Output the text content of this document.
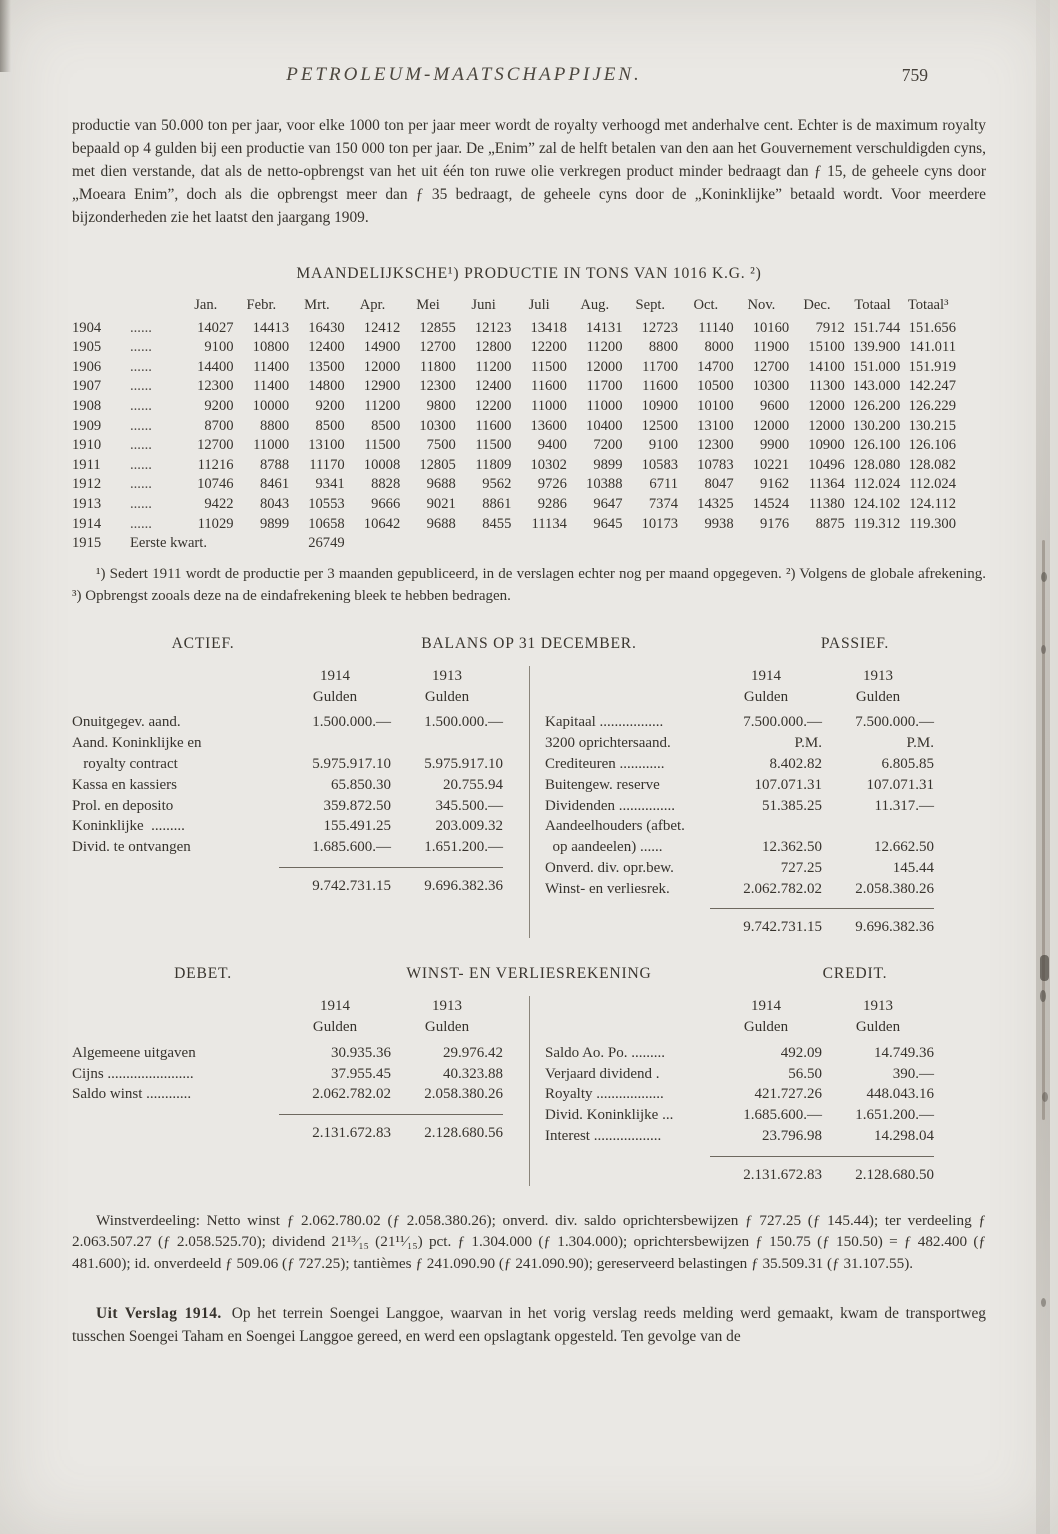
PETROLEUM-MAATSCHAPPIJEN.	759

productie van 50.000 ton per jaar, voor elke 1000 ton per jaar meer wordt de royalty verhoogd met anderhalve cent. Echter is de maximum royalty bepaald op 4 gulden bij een productie van 150 000 ton per jaar. De „Enim” zal de helft betalen van den aan het Gouvernement verschuldigden cyns, met dien verstande, dat als de netto-opbrengst van het uit één ton ruwe olie verkregen product minder bedraagt dan ƒ 15, de geheele cyns door „Moeara Enim”, doch als die opbrengst meer dan ƒ 35 bedraagt, de geheele cyns door de „Koninklijke” betaald wordt. Voor meerdere bijzonderheden zie het laatst den jaargang 1909.

MAANDELIJKSCHE¹) PRODUCTIE IN TONS VAN 1016 K.G. ²)
		Jan.	Febr.	Mrt.	Apr.	Mei	Juni	Juli	Aug.	Sept.	Oct.	Nov.	Dec.	Totaal	Totaal³
1904	......	14027	14413	16430	12412	12855	12123	13418	14131	12723	11140	10160	7912	151.744	151.656
1905	......	9100	10800	12400	14900	12700	12800	12200	11200	8800	8000	11900	15100	139.900	141.011
1906	......	14400	11400	13500	12000	11800	11200	11500	12000	11700	14700	12700	14100	151.000	151.919
1907	......	12300	11400	14800	12900	12300	12400	11600	11700	11600	10500	10300	11300	143.000	142.247
1908	......	9200	10000	9200	11200	9800	12200	11000	11000	10900	10100	9600	12000	126.200	126.229
1909	......	8700	8800	8500	8500	10300	11600	13600	10400	12500	13100	12000	12000	130.200	130.215
1910	......	12700	11000	13100	11500	7500	11500	9400	7200	9100	12300	9900	10900	126.100	126.106
1911	......	11216	8788	11170	10008	12805	11809	10302	9899	10583	10783	10221	10496	128.080	128.082
1912	......	10746	8461	9341	8828	9688	9562	9726	10388	6711	8047	9162	11364	112.024	112.024
1913	......	9422	8043	10553	9666	9021	8861	9286	9647	7374	14325	14524	11380	124.102	124.112
1914	......	11029	9899	10658	10642	9688	8455	11134	9645	10173	9938	9176	8875	119.312	119.300
1915	Eerste kwart.			26749											

¹) Sedert 1911 wordt de productie per 3 maanden gepubliceerd, in de verslagen echter nog per maand opgegeven. ²) Volgens de globale afrekening. ³) Opbrengst zooals deze na de eindafrekening bleek te hebben bedragen.

ACTIEF.	BALANS OP 31 DECEMBER.	PASSIEF.
	1914	1913
	Gulden	Gulden
Onuitgegev. aand.	1.500.000.—	1.500.000.—
Aand. Koninklijke en		
royalty contract	5.975.917.10	5.975.917.10
Kassa en kassiers	65.850.30	20.755.94
Prol. en deposito	359.872.50	345.500.—
Koninklijke  .........	155.491.25	203.009.32
Divid. te ontvangen	1.685.600.—	1.651.200.—

	9.742.731.15	9.696.382.36
	1914	1913
	Gulden	Gulden
Kapitaal .................	7.500.000.—	7.500.000.—
3200 oprichtersaand.	P.M.	P.M.
Crediteuren ............	8.402.82	6.805.85
Buitengew. reserve	107.071.31	107.071.31
Dividenden ...............	51.385.25	11.317.—
Aandeelhouders (afbet.		
op aandeelen) ......	12.362.50	12.662.50
Onverd. div. opr.bew.	727.25	145.44
Winst- en verliesrek.	2.062.782.02	2.058.380.26

	9.742.731.15	9.696.382.36
DEBET.	WINST- EN VERLIESREKENING	CREDIT.
	1914	1913
	Gulden	Gulden
Algemeene uitgaven	30.935.36	29.976.42
Cijns .......................	37.955.45	40.323.88
Saldo winst ............	2.062.782.02	2.058.380.26

	2.131.672.83	2.128.680.56
	1914	1913
	Gulden	Gulden
Saldo Ao. Po. .........	492.09	14.749.36
Verjaard dividend .	56.50	390.—
Royalty ..................	421.727.26	448.043.16
Divid. Koninklijke ...	1.685.600.—	1.651.200.—
Interest ..................	23.796.98	14.298.04

	2.131.672.83	2.128.680.50

Winstverdeeling: Netto winst ƒ 2.062.780.02 (ƒ 2.058.380.26); onverd. div. saldo oprichtersbewijzen ƒ 727.25 (ƒ 145.44); ter verdeeling ƒ 2.063.507.27 (ƒ 2.058.525.70); dividend 21¹³⁄₁₅ (21¹¹⁄₁₅) pct. ƒ 1.304.000 (ƒ 1.304.000); oprichtersbewijzen ƒ 150.75 (ƒ 150.50) = ƒ 482.400 (ƒ 481.600); id. onverdeeld ƒ 509.06 (ƒ 727.25); tantièmes ƒ 241.090.90 (ƒ 241.090.90); gereserveerd belastingen ƒ 35.509.31 (ƒ 31.107.55).

Uit Verslag 1914. Op het terrein Soengei Langgoe, waarvan in het vorig verslag reeds melding werd gemaakt, kwam de transportweg tusschen Soengei Taham en Soengei Langgoe gereed, en werd een opslagtank opgesteld. Ten gevolge van de
